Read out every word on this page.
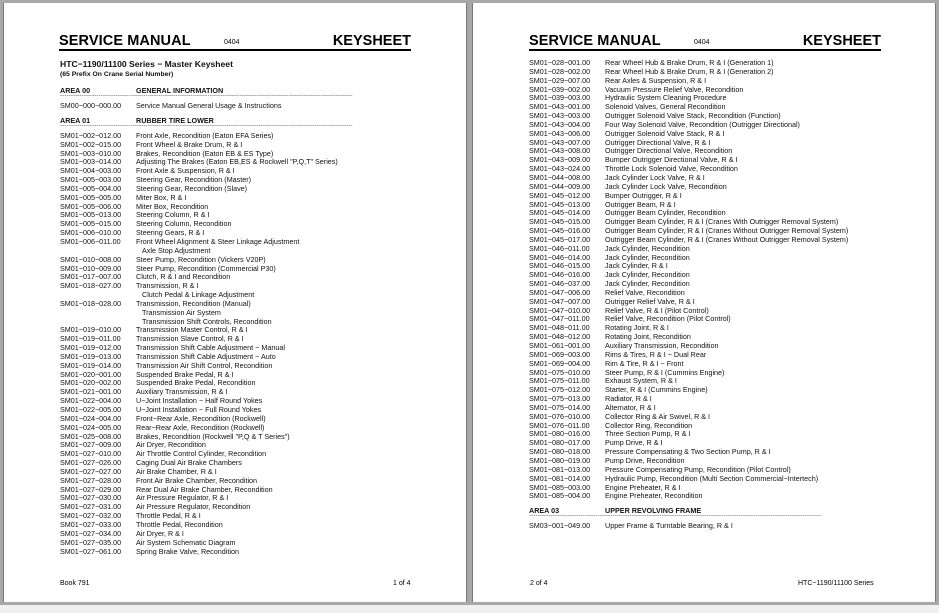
SERVICE MANUAL	0404	KEYSHEET
HTC−1190/11100 Series − Master Keysheet
(65 Prefix On Crane Serial Number)
AREA 00	GENERAL INFORMATION
*****************************************************************************************************************************************
SM00−000−000.00	Service Manual General Usage & Instructions
AREA 01	RUBBER TIRE LOWER
*****************************************************************************************************************************************
SM01−002−012.00	Front Axle, Recondition (Eaton EFA Series)
SM01−002−015.00	Front Wheel & Brake Drum, R & I
SM01−003−010.00	Brakes, Recondition (Eaton EB & ES Type)
SM01−003−014.00	Adjusting The Brakes (Eaton EB,ES & Rockwell "P,Q,T" Series)
SM01−004−003.00	Front Axle & Suspension, R & I
SM01−005−003.00	Steering Gear, Recondition (Master)
SM01−005−004.00	Steering Gear, Recondition (Slave)
SM01−005−005.00	Miter Box, R & I
SM01−005−006.00	Miter Box, Recondition
SM01−005−013.00	Steering Column, R & I
SM01−005−015.00	Steering Column, Recondition
SM01−006−010.00	Steering Gears, R & I
SM01−006−011.00	Front Wheel Alignment & Steer Linkage Adjustment
Axle Stop Adjustment
SM01−010−008.00	Steer Pump, Recondition (Vickers V20P)
SM01−010−009.00	Steer Pump, Recondition (Commercial P30)
SM01−017−007.00	Clutch, R & I and Recondition
SM01−018−027.00	Transmission, R & I
Clutch Pedal & Linkage Adjustment
SM01−018−028.00	Transmission, Recondition (Manual)
Transmission Air System
Transmission Shift Controls, Recondition
SM01−019−010.00	Transmission Master Control, R & I
SM01−019−011.00	Transmission Slave Control, R & I
SM01−019−012.00	Transmission Shift Cable Adjustment − Manual
SM01−019−013.00	Transmission Shift Cable Adjustment − Auto
SM01−019−014.00	Transmission Air Shift Control, Recondition
SM01−020−001.00	Suspended Brake Pedal, R & I
SM01−020−002.00	Suspended Brake Pedal, Recondition
SM01−021−001.00	Auxiliary Transmission, R & I
SM01−022−004.00	U−Joint Installation − Half Round Yokes
SM01−022−005.00	U−Joint Installation − Full Round Yokes
SM01−024−004.00	Front−Rear Axle, Recondition (Rockwell)
SM01−024−005.00	Rear−Rear Axle, Recondition (Rockwell)
SM01−025−008.00	Brakes, Recondition (Rockwell "P,Q & T Series")
SM01−027−009.00	Air Dryer, Recondition
SM01−027−010.00	Air Throttle Control Cylinder, Recondition
SM01−027−026.00	Caging Dual Air Brake Chambers
SM01−027−027.00	Air Brake Chamber, R & I
SM01−027−028.00	Front Air Brake Chamber, Recondition
SM01−027−029.00	Rear Dual Air Brake Chamber, Recondition
SM01−027−030.00	Air Pressure Regulator, R & I
SM01−027−031.00	Air Pressure Regulator, Recondition
SM01−027−032.00	Throttle Pedal, R & I
SM01−027−033.00	Throttle Pedal, Recondition
SM01−027−034.00	Air Dryer, R & I
SM01−027−035.00	Air System Schematic Diagram
SM01−027−061.00	Spring Brake Valve, Recondition
Book 791	1 of 4
SERVICE MANUAL	0404	KEYSHEET
SM01−028−001.00	Rear Wheel Hub & Brake Drum, R & I (Generation 1)
SM01−028−002.00	Rear Wheel Hub & Brake Drum, R & I (Generation 2)
SM01−029−007.00	Rear Axles & Suspension, R & I
SM01−039−002.00	Vacuum Pressure Relief Valve, Recondition
SM01−039−003.00	Hydraulic System Cleaning Procedure
SM01−043−001.00	Solenoid Valves, General Recondition
SM01−043−003.00	Outrigger Solenoid Valve Stack, Recondition (Function)
SM01−043−004.00	Four Way Solenoid Valve, Recondition (Outrigger Directional)
SM01−043−006.00	Outrigger Solenoid Valve Stack, R & I
SM01−043−007.00	Outrigger Directional Valve, R & I
SM01−043−008.00	Outrigger Directional Valve, Recondition
SM01−043−009.00	Bumper Outrigger Directional Valve, R & I
SM01−043−024.00	Throttle Lock Solenoid Valve, Recondition
SM01−044−008.00	Jack Cylinder Lock Valve, R & I
SM01−044−009.00	Jack Cylinder Lock Valve, Recondition
SM01−045−012.00	Bumper Outrigger, R & I
SM01−045−013.00	Outrigger Beam, R & I
SM01−045−014.00	Outrigger Beam Cylinder, Recondition
SM01−045−015.00	Outrigger Beam Cylinder, R & I (Cranes With Outrigger Removal System)
SM01−045−016.00	Outrigger Beam Cylinder, R & I (Cranes Without Outrigger Removal System)
SM01−045−017.00	Outrigger Beam Cylinder, R & I (Cranes Without Outrigger Removal System)
SM01−046−011.00	Jack Cylinder, Recondition
SM01−046−014.00	Jack Cylinder, Recondition
SM01−046−015.00	Jack Cylinder, R & I
SM01−046−016.00	Jack Cylinder, Recondition
SM01−046−037.00	Jack Cylinder, Recondition
SM01−047−006.00	Relief Valve, Recondition
SM01−047−007.00	Outrigger Relief Valve, R & I
SM01−047−010.00	Relief Valve, R & I (Pilot Control)
SM01−047−011.00	Relief Valve, Recondition (Pilot Control)
SM01−048−011.00	Rotating Joint, R & I
SM01−048−012.00	Rotating Joint, Recondition
SM01−061−001.00	Auxiliary Transmission, Recondition
SM01−069−003.00	Rims & Tires, R & I − Dual Rear
SM01−069−004.00	Rim & Tire, R & I − Front
SM01−075−010.00	Steer Pump, R & I (Cummins Engine)
SM01−075−011.00	Exhaust System, R & I
SM01−075−012.00	Starter, R & I (Cummins Engine)
SM01−075−013.00	Radiator, R & I
SM01−075−014.00	Alternator, R & I
SM01−076−010.00	Collector Ring & Air Swivel, R & I
SM01−076−011.00	Collector Ring, Recondition
SM01−080−016.00	Three Section Pump, R & I
SM01−080−017.00	Pump Drive, R & I
SM01−080−018.00	Pressure Compensating & Two Section Pump, R & I
SM01−080−019.00	Pump Drive, Recondition
SM01−081−013.00	Pressure Compensating Pump, Recondition (Pilot Control)
SM01−081−014.00	Hydraulic Pump, Recondition (Multi Section Commercial−Intertech)
SM01−085−003.00	Engine Preheater, R & I
SM01−085−004.00	Engine Preheater, Recondition
AREA 03	UPPER REVOLVING FRAME
*****************************************************************************************************************************************
SM03−001−049.00	Upper Frame & Turntable Bearing, R & I
2 of 4	HTC−1190/11100 Series
